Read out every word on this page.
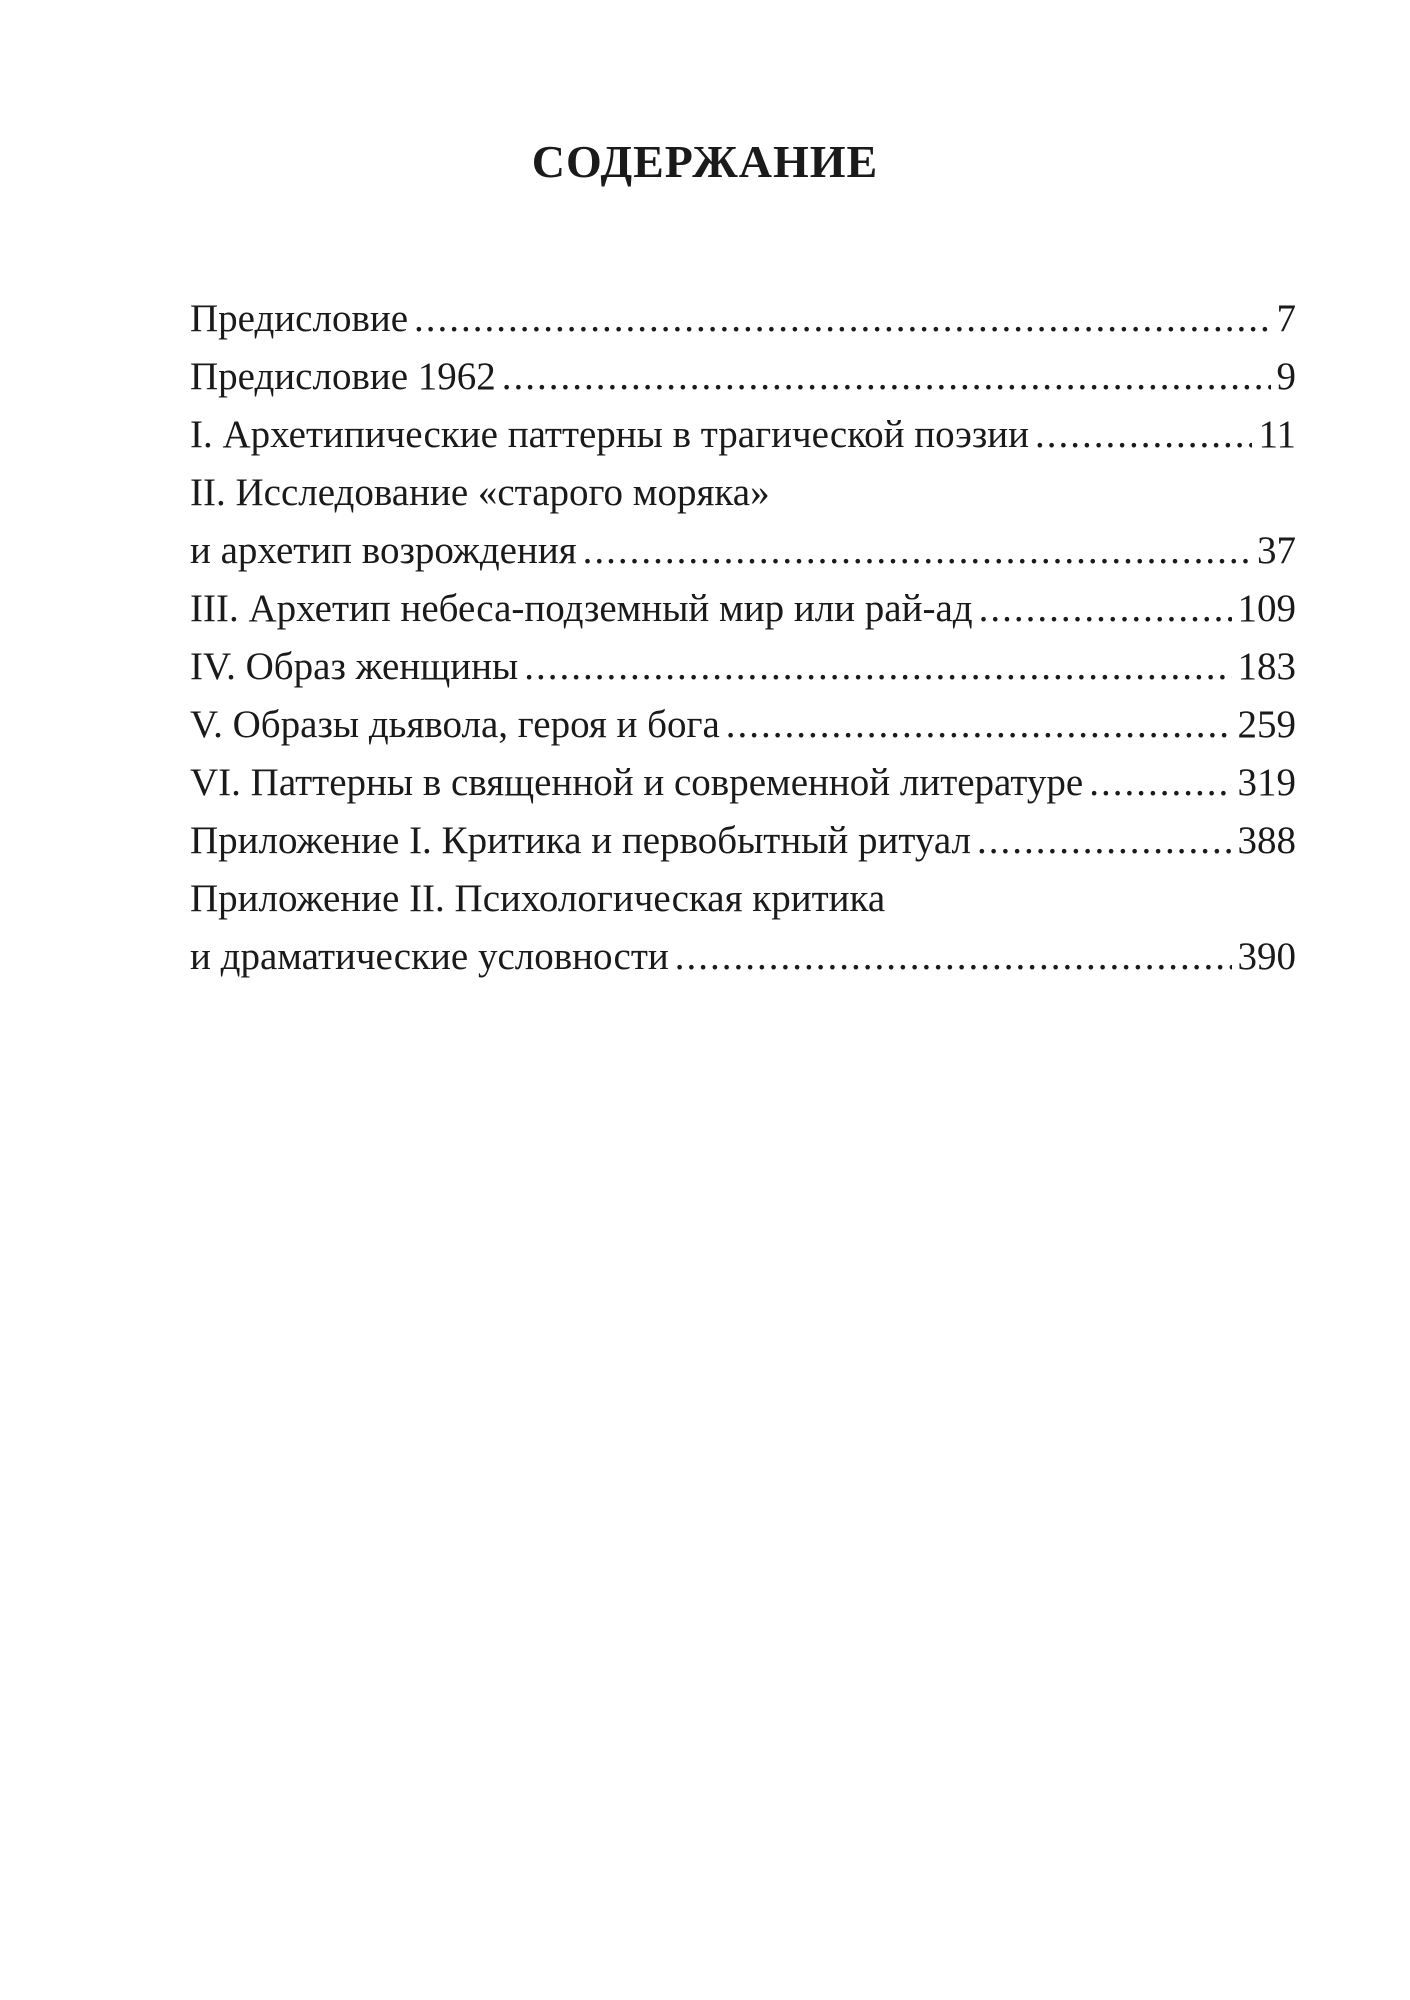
СОДЕРЖАНИЕ
Предисловие .....	7
Предисловие 1962 .....	9
I. Архетипические паттерны в трагической поэзии .....	11
II. Исследование «старого моряка»
и архетип возрождения .....	37
III. Архетип небеса-подземный мир или рай-ад .....	109
IV. Образ женщины .....	183
V. Образы дьявола, героя и бога .....	259
VI. Паттерны в священной и современной литературе .....	319
Приложение I. Критика и первобытный ритуал .....	388
Приложение II. Психологическая критика
и драматические условности .....	390
